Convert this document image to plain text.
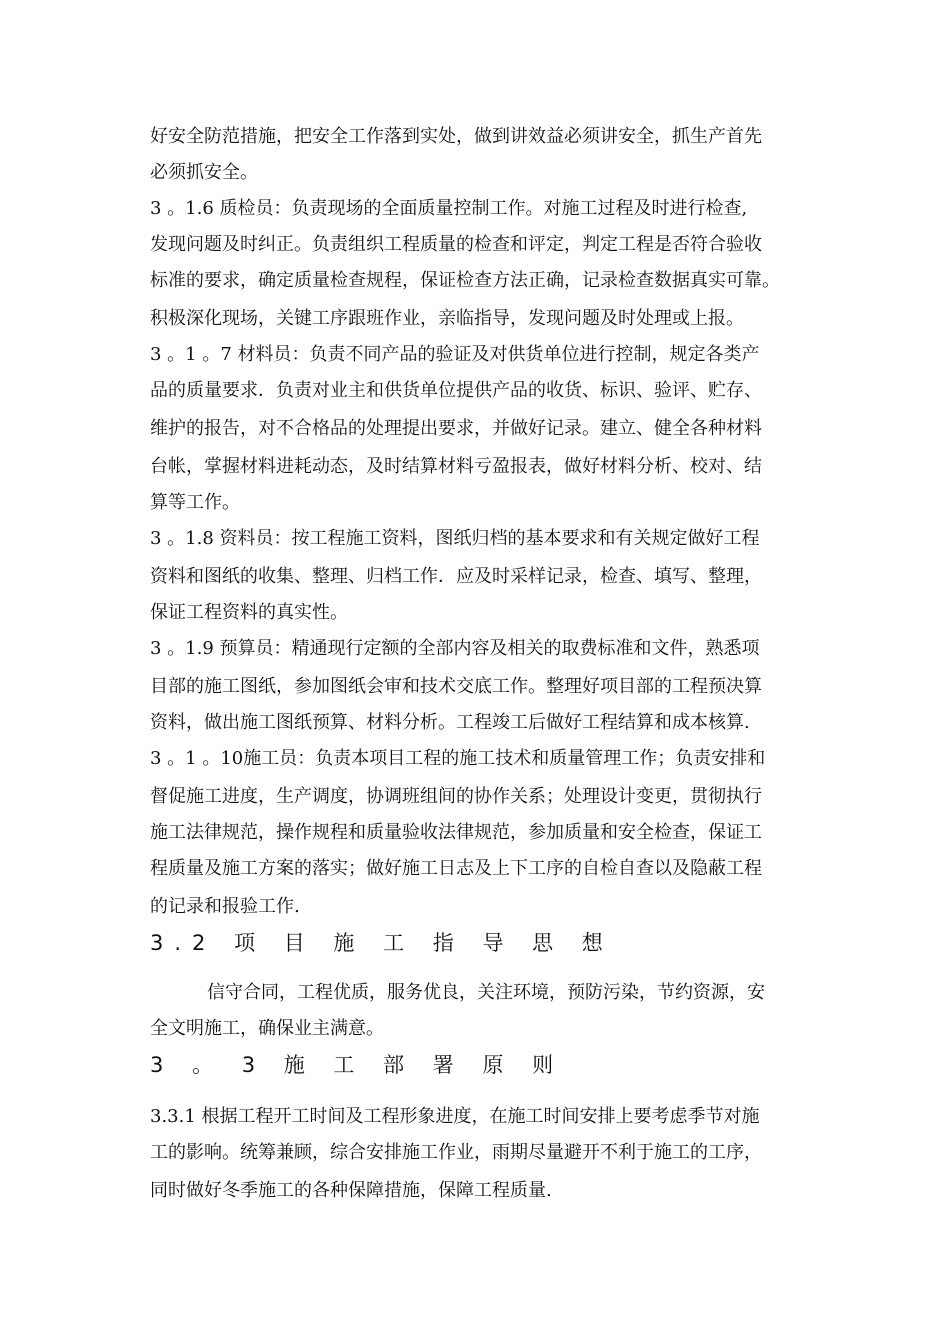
好安全防范措施，把安全工作落到实处，做到讲效益必须讲安全，抓生产首先
必须抓安全。
3 。1.6 质检员：负责现场的全面质量控制工作。对施工过程及时进行检查,
发现问题及时纠正。负责组织工程质量的检查和评定，判定工程是否符合验收
标准的要求，确定质量检查规程，保证检查方法正确，记录检查数据真实可靠。
积极深化现场，关键工序跟班作业，亲临指导，发现问题及时处理或上报。
3 。1 。7 材料员：负责不同产品的验证及对供货单位进行控制，规定各类产
品的质量要求．负责对业主和供货单位提供产品的收货、标识、验评、贮存、
维护的报告，对不合格品的处理提出要求，并做好记录。建立、健全各种材料
台帐，掌握材料进耗动态，及时结算材料亏盈报表，做好材料分析、校对、结
算等工作。
3 。1.8 资料员：按工程施工资料，图纸归档的基本要求和有关规定做好工程
资料和图纸的收集、整理、归档工作．应及时采样记录，检查、填写、整理，
保证工程资料的真实性。
3 。1.9 预算员：精通现行定额的全部内容及相关的取费标准和文件，熟悉项
目部的施工图纸，参加图纸会审和技术交底工作。整理好项目部的工程预决算
资料，做出施工图纸预算、材料分析。工程竣工后做好工程结算和成本核算.
3 。1 。10施工员：负责本项目工程的施工技术和质量管理工作；负责安排和
督促施工进度，生产调度，协调班组间的协作关系；处理设计变更，贯彻执行
施工法律规范，操作规程和质量验收法律规范，参加质量和安全检查，保证工
程质量及施工方案的落实；做好施工日志及上下工序的自检自查以及隐蔽工程
的记录和报验工作.
3.2 项 目 施 工 指 导 思 想
信守合同，工程优质，服务优良，关注环境，预防污染，节约资源，安
全文明施工，确保业主满意。
3 。 3 施 工 部 署 原 则
3.3.1 根据工程开工时间及工程形象进度，在施工时间安排上要考虑季节对施
工的影响。统筹兼顾，综合安排施工作业，雨期尽量避开不利于施工的工序，
同时做好冬季施工的各种保障措施，保障工程质量.
